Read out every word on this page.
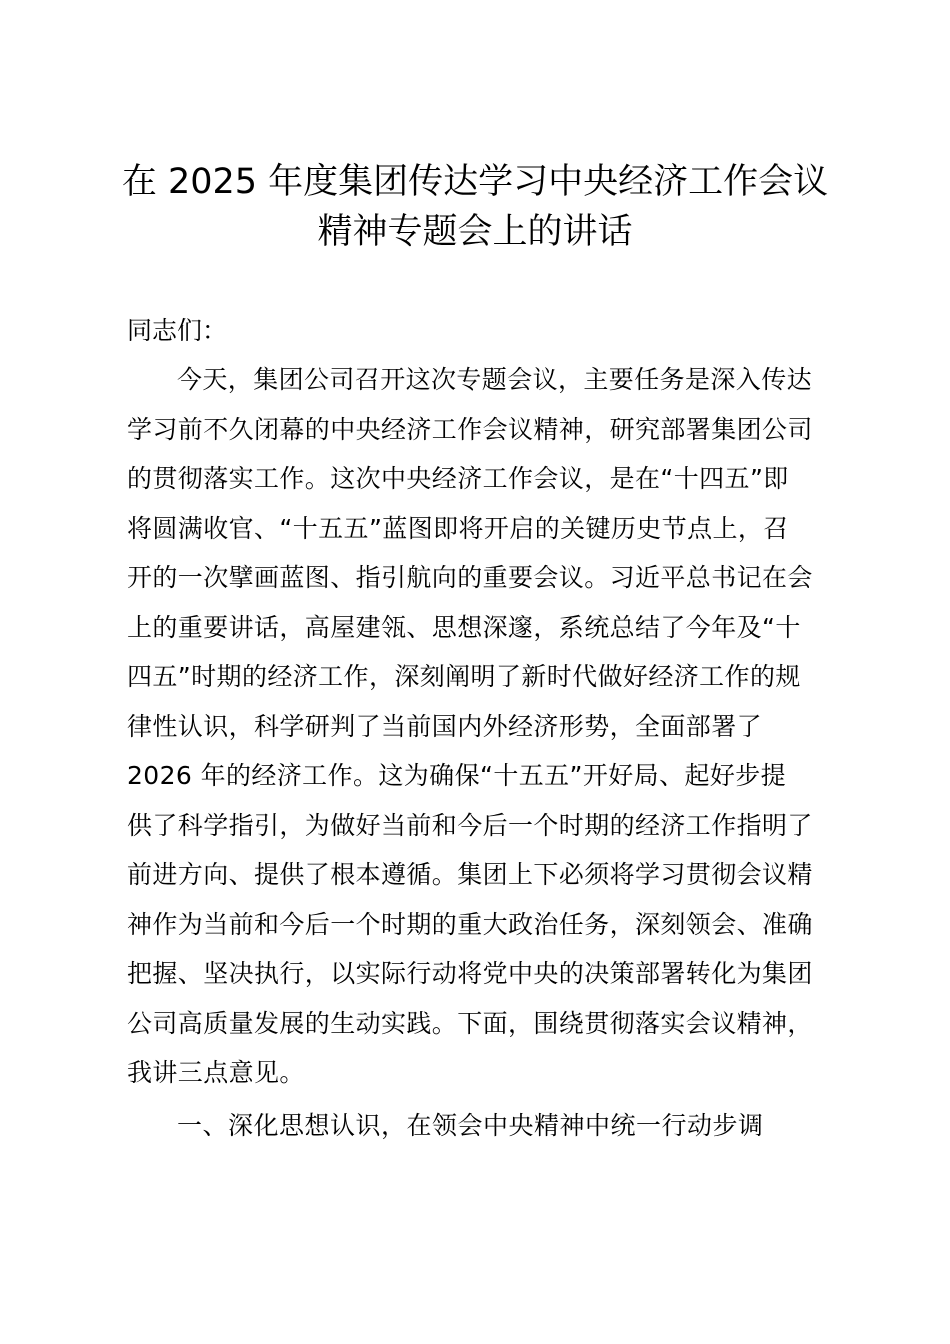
在 2025 年度集团传达学习中央经济工作会议
精神专题会上的讲话
同志们：
今天，集团公司召开这次专题会议，主要任务是深入传达
学习前不久闭幕的中央经济工作会议精神，研究部署集团公司
的贯彻落实工作。这次中央经济工作会议，是在“十四五”即
将圆满收官、“十五五”蓝图即将开启的关键历史节点上，召
开的一次擘画蓝图、指引航向的重要会议。习近平总书记在会
上的重要讲话，高屋建瓴、思想深邃，系统总结了今年及“十
四五”时期的经济工作，深刻阐明了新时代做好经济工作的规
律性认识，科学研判了当前国内外经济形势，全面部署了
2026 年的经济工作。这为确保“十五五”开好局、起好步提
供了科学指引，为做好当前和今后一个时期的经济工作指明了
前进方向、提供了根本遵循。集团上下必须将学习贯彻会议精
神作为当前和今后一个时期的重大政治任务，深刻领会、准确
把握、坚决执行，以实际行动将党中央的决策部署转化为集团
公司高质量发展的生动实践。下面，围绕贯彻落实会议精神，
我讲三点意见。
一、深化思想认识，在领会中央精神中统一行动步调
